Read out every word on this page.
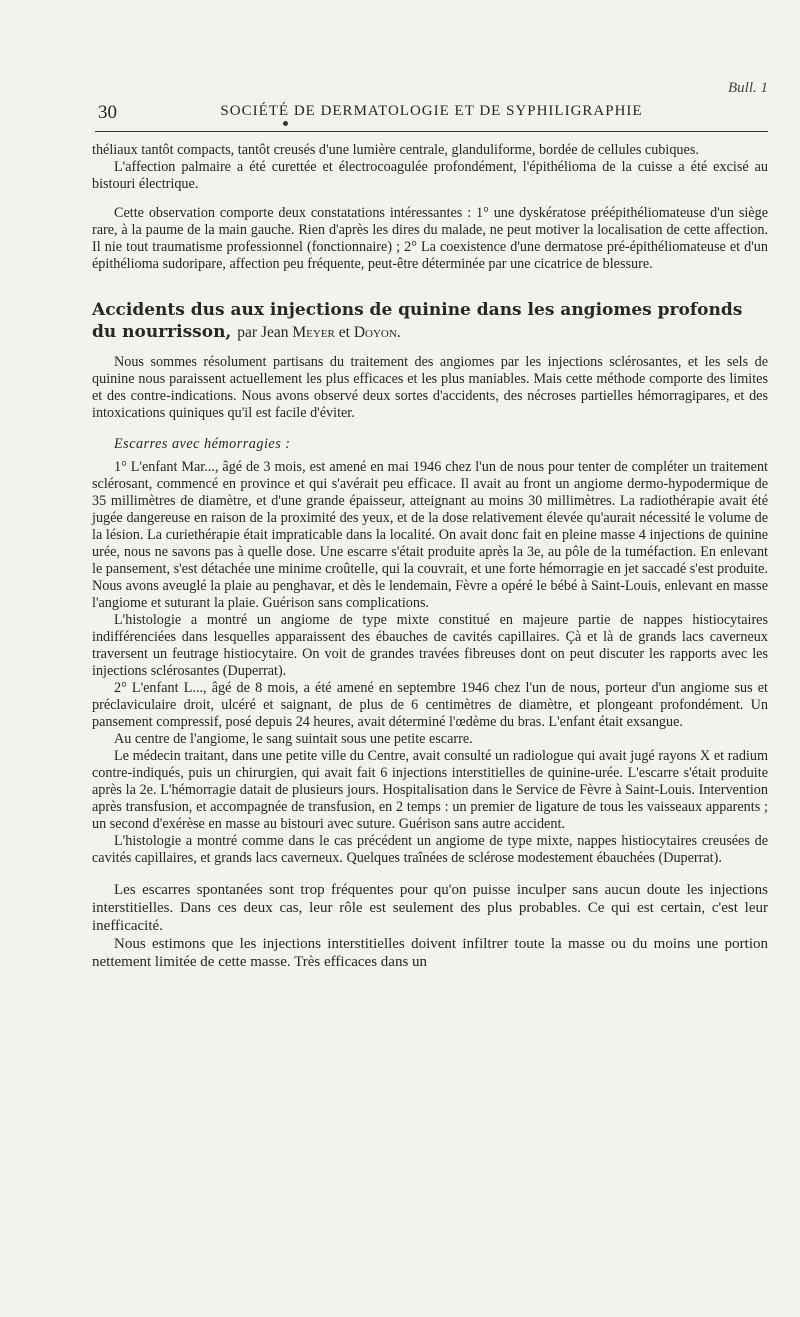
Bull. 1
30	SOCIÉTÉ DE DERMATOLOGIE ET DE SYPHILIGRAPHIE

théliaux tantôt compacts, tantôt creusés d'une lumière centrale, glanduliforme, bordée de cellules cubiques.

L'affection palmaire a été curettée et électrocoagulée profondément, l'épithélioma de la cuisse a été excisé au bistouri électrique.

Cette observation comporte deux constatations intéressantes : 1° une dyskératose préépithéliomateuse d'un siège rare, à la paume de la main gauche. Rien d'après les dires du malade, ne peut motiver la localisation de cette affection. Il nie tout traumatisme professionnel (fonctionnaire) ; 2° La coexistence d'une dermatose pré-épithéliomateuse et d'un épithélioma sudoripare, affection peu fréquente, peut-être déterminée par une cicatrice de blessure.

Accidents dus aux injections de quinine dans les angiomes profonds du nourrisson, par Jean Meyer et Doyon.

Nous sommes résolument partisans du traitement des angiomes par les injections sclérosantes, et les sels de quinine nous paraissent actuellement les plus efficaces et les plus maniables. Mais cette méthode comporte des limites et des contre-indications. Nous avons observé deux sortes d'accidents, des nécroses partielles hémorragipares, et des intoxications quiniques qu'il est facile d'éviter.

Escarres avec hémorragies :

1° L'enfant Mar..., âgé de 3 mois, est amené en mai 1946 chez l'un de nous pour tenter de compléter un traitement sclérosant, commencé en province et qui s'avérait peu efficace. Il avait au front un angiome dermo-hypodermique de 35 millimètres de diamètre, et d'une grande épaisseur, atteignant au moins 30 millimètres. La radiothérapie avait été jugée dangereuse en raison de la proximité des yeux, et de la dose relativement élevée qu'aurait nécessité le volume de la lésion. La curiethérapie était impraticable dans la localité. On avait donc fait en pleine masse 4 injections de quinine urée, nous ne savons pas à quelle dose. Une escarre s'était produite après la 3e, au pôle de la tuméfaction. En enlevant le pansement, s'est détachée une minime croûtelle, qui la couvrait, et une forte hémorragie en jet saccadé s'est produite. Nous avons aveuglé la plaie au penghavar, et dès le lendemain, Fèvre a opéré le bébé à Saint-Louis, enlevant en masse l'angiome et suturant la plaie. Guérison sans complications.

L'histologie a montré un angiome de type mixte constitué en majeure partie de nappes histiocytaires indifférenciées dans lesquelles apparaissent des ébauches de cavités capillaires. Çà et là de grands lacs caverneux traversent un feutrage histiocytaire. On voit de grandes travées fibreuses dont on peut discuter les rapports avec les injections sclérosantes (Duperrat).

2° L'enfant L..., âgé de 8 mois, a été amené en septembre 1946 chez l'un de nous, porteur d'un angiome sus et préclaviculaire droit, ulcéré et saignant, de plus de 6 centimètres de diamètre, et plongeant profondément. Un pansement compressif, posé depuis 24 heures, avait déterminé l'œdème du bras. L'enfant était exsangue.

Au centre de l'angiome, le sang suintait sous une petite escarre.

Le médecin traitant, dans une petite ville du Centre, avait consulté un radiologue qui avait jugé rayons X et radium contre-indiqués, puis un chirurgien, qui avait fait 6 injections interstitielles de quinine-urée. L'escarre s'était produite après la 2e. L'hémorragie datait de plusieurs jours. Hospitalisation dans le Service de Fèvre à Saint-Louis. Intervention après transfusion, et accompagnée de transfusion, en 2 temps : un premier de ligature de tous les vaisseaux apparents ; un second d'exérèse en masse au bistouri avec suture. Guérison sans autre accident.

L'histologie a montré comme dans le cas précédent un angiome de type mixte, nappes histiocytaires creusées de cavités capillaires, et grands lacs caverneux. Quelques traînées de sclérose modestement ébauchées (Duperrat).

Les escarres spontanées sont trop fréquentes pour qu'on puisse inculper sans aucun doute les injections interstitielles. Dans ces deux cas, leur rôle est seulement des plus probables. Ce qui est certain, c'est leur inefficacité.

Nous estimons que les injections interstitielles doivent infiltrer toute la masse ou du moins une portion nettement limitée de cette masse. Très efficaces dans un
